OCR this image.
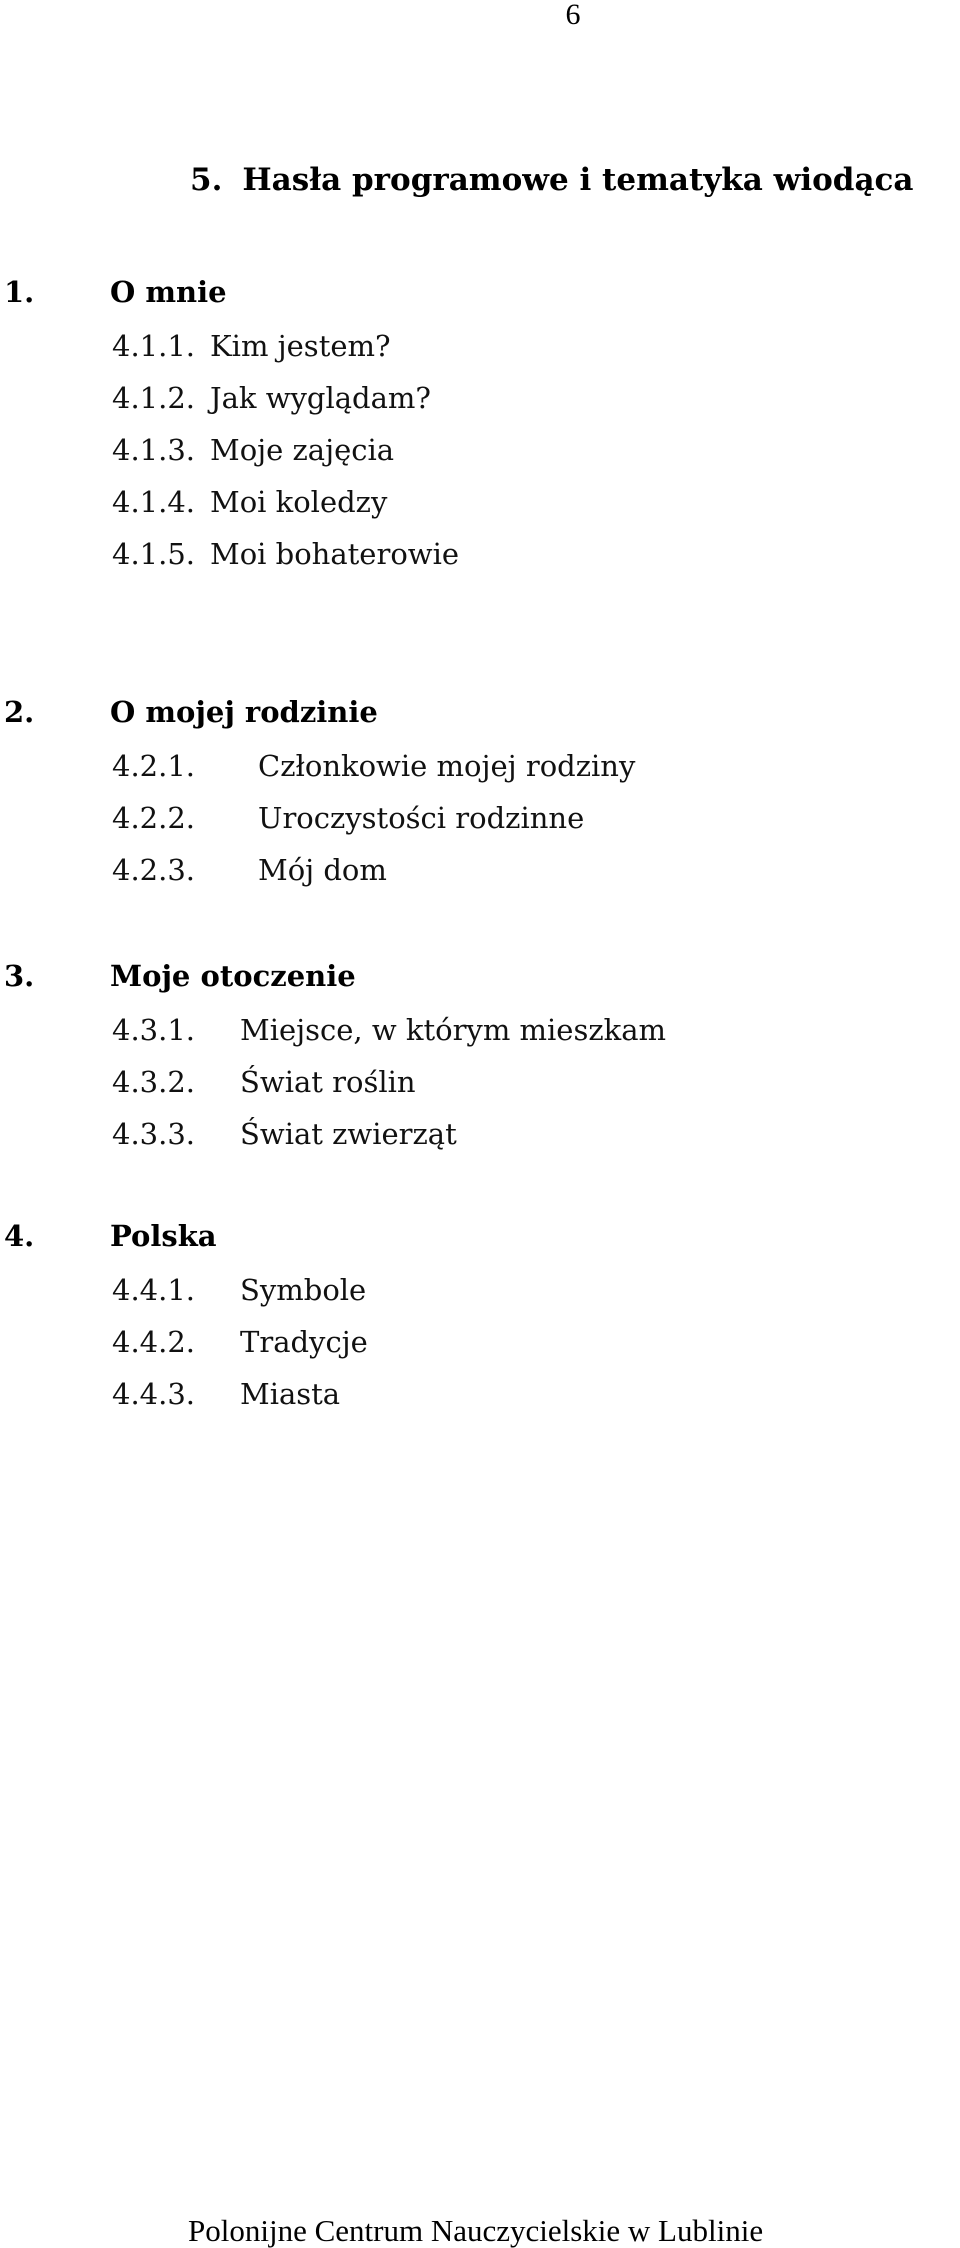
6
5. Hasła programowe i tematyka wiodąca
1.	O mnie
4.1.1. Kim jestem?
4.1.2. Jak wyglądam?
4.1.3. Moje zajęcia
4.1.4. Moi koledzy
4.1.5. Moi bohaterowie
2.	O mojej rodzinie
4.2.1. Członkowie mojej rodziny
4.2.2. Uroczystości rodzinne
4.2.3. Mój dom
3.	Moje otoczenie
4.3.1. Miejsce, w którym mieszkam
4.3.2. Świat roślin
4.3.3. Świat zwierząt
4.	Polska
4.4.1. Symbole
4.4.2. Tradycje
4.4.3. Miasta
Polonijne Centrum Nauczycielskie w Lublinie
